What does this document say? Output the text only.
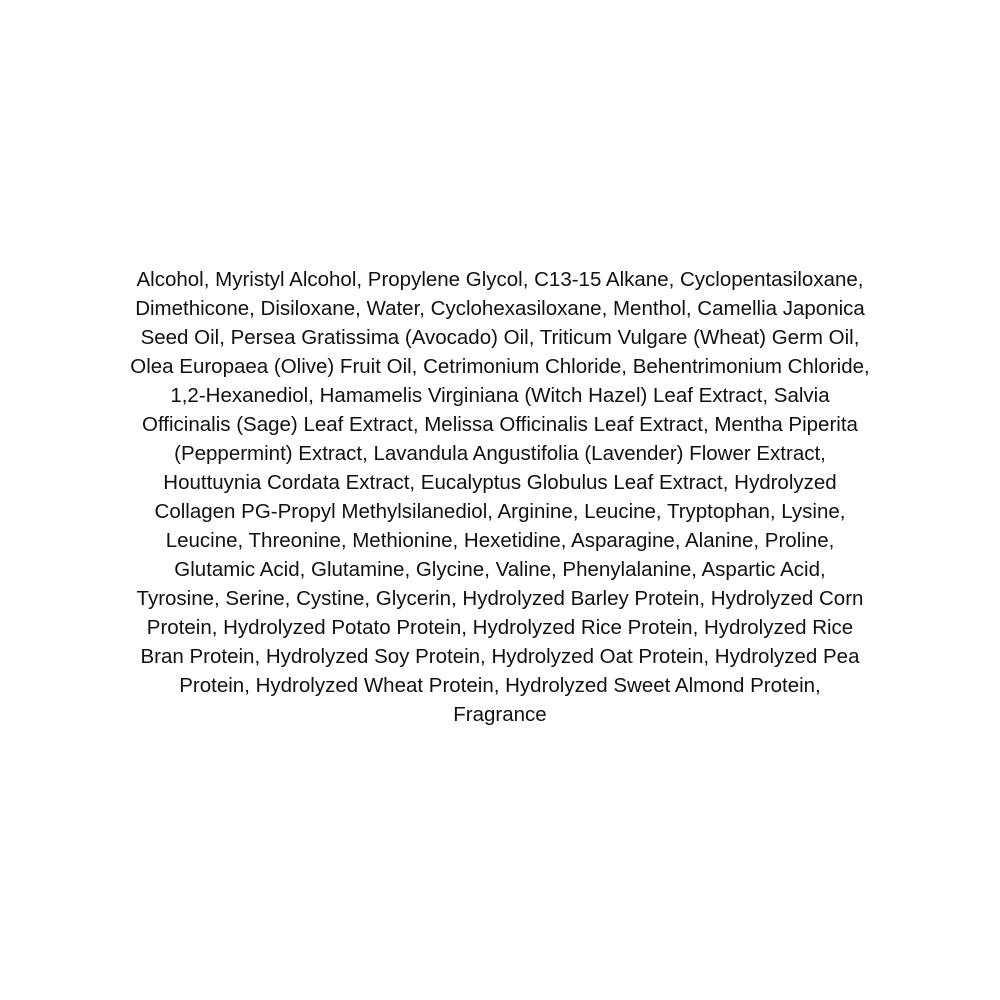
Alcohol, Myristyl Alcohol, Propylene Glycol, C13-15 Alkane, Cyclopentasiloxane,
Dimethicone, Disiloxane, Water, Cyclohexasiloxane, Menthol, Camellia Japonica
Seed Oil, Persea Gratissima (Avocado) Oil, Triticum Vulgare (Wheat) Germ Oil,
Olea Europaea (Olive) Fruit Oil, Cetrimonium Chloride, Behentrimonium Chloride,
1,2-Hexanediol, Hamamelis Virginiana (Witch Hazel) Leaf Extract, Salvia
Officinalis (Sage) Leaf Extract, Melissa Officinalis Leaf Extract, Mentha Piperita
(Peppermint) Extract, Lavandula Angustifolia (Lavender) Flower Extract,
Houttuynia Cordata Extract, Eucalyptus Globulus Leaf Extract, Hydrolyzed
Collagen PG-Propyl Methylsilanediol, Arginine, Leucine, Tryptophan, Lysine,
Leucine, Threonine, Methionine, Hexetidine, Asparagine, Alanine, Proline,
Glutamic Acid, Glutamine, Glycine, Valine, Phenylalanine, Aspartic Acid,
Tyrosine, Serine, Cystine, Glycerin, Hydrolyzed Barley Protein, Hydrolyzed Corn
Protein, Hydrolyzed Potato Protein, Hydrolyzed Rice Protein, Hydrolyzed Rice
Bran Protein, Hydrolyzed Soy Protein, Hydrolyzed Oat Protein, Hydrolyzed Pea
Protein, Hydrolyzed Wheat Protein, Hydrolyzed Sweet Almond Protein,
Fragrance
